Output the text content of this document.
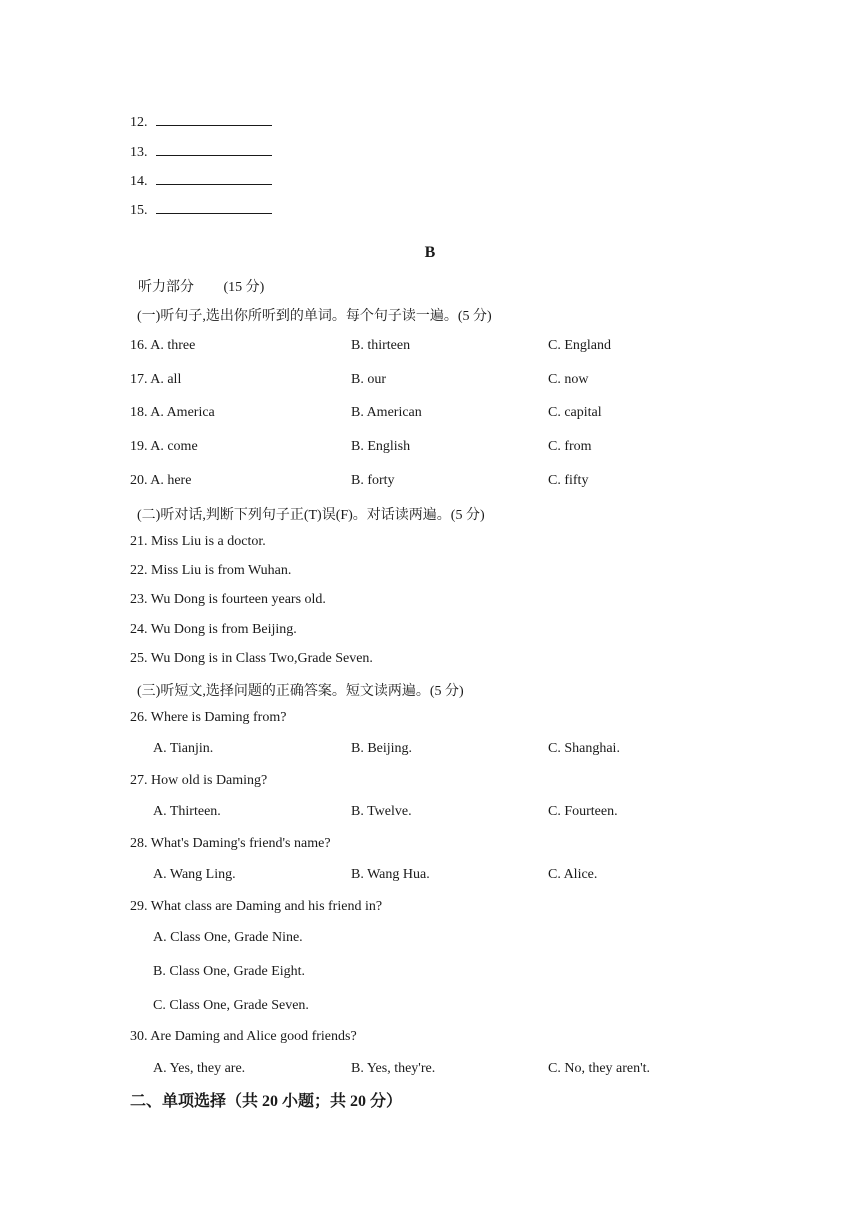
12.
13.
14.
15.
B
听力部分 (15 分)
(一)听句子,选出你所听到的单词。每个句子读一遍。(5 分)
16. A. three	B. thirteen	C. England
17. A. all	B. our	C. now
18. A. America	B. American	C. capital
19. A. come	B. English	C. from
20. A. here	B. forty	C. fifty
(二)听对话,判断下列句子正(T)误(F)。对话读两遍。(5 分)
21. Miss Liu is a doctor.
22. Miss Liu is from Wuhan.
23. Wu Dong is fourteen years old.
24. Wu Dong is from Beijing.
25. Wu Dong is in Class Two,Grade Seven.
(三)听短文,选择问题的正确答案。短文读两遍。(5 分)
26. Where is Daming from?
A. Tianjin.	B. Beijing.	C. Shanghai.
27. How old is Daming?
A. Thirteen.	B. Twelve.	C. Fourteen.
28. What's Daming's friend's name?
A. Wang Ling.	B. Wang Hua.	C. Alice.
29. What class are Daming and his friend in?
A. Class One, Grade Nine.
B. Class One, Grade Eight.
C. Class One, Grade Seven.
30. Are Daming and Alice good friends?
A. Yes, they are.	B. Yes, they're.	C. No, they aren't.
二、单项选择（共 20 小题；共 20 分）
